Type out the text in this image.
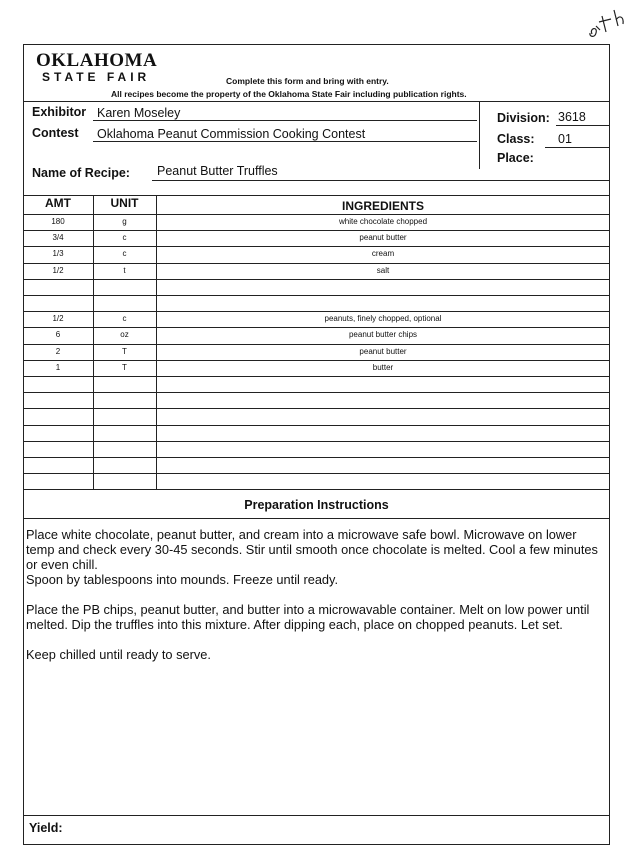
OKLAHOMA
STATE FAIR	Complete this form and bring with entry.
All recipes become the property of the Oklahoma State Fair including publication rights.
Exhibitor Karen Moseley
Contest Oklahoma Peanut Commission Cooking Contest
Division: 3618
Class: 01
Place:
Name of Recipe: Peanut Butter Truffles
AMT	UNIT	INGREDIENTS
180	g	white chocolate chopped
3/4	c	peanut butter
1/3	c	cream
1/2	t	salt
1/2	c	peanuts, finely chopped, optional
6	oz	peanut butter chips
2	T	peanut butter
1	T	butter
Preparation Instructions

Place white chocolate, peanut butter, and cream into a microwave safe bowl. Microwave on lower temp and check every 30-45 seconds. Stir until smooth once chocolate is melted. Cool a few minutes or even chill.
Spoon by tablespoons into mounds. Freeze until ready.

Place the PB chips, peanut butter, and butter into a microwavable container. Melt on low power until melted. Dip the truffles into this mixture. After dipping each, place on chopped peanuts. Let set.

Keep chilled until ready to serve.

Yield:
